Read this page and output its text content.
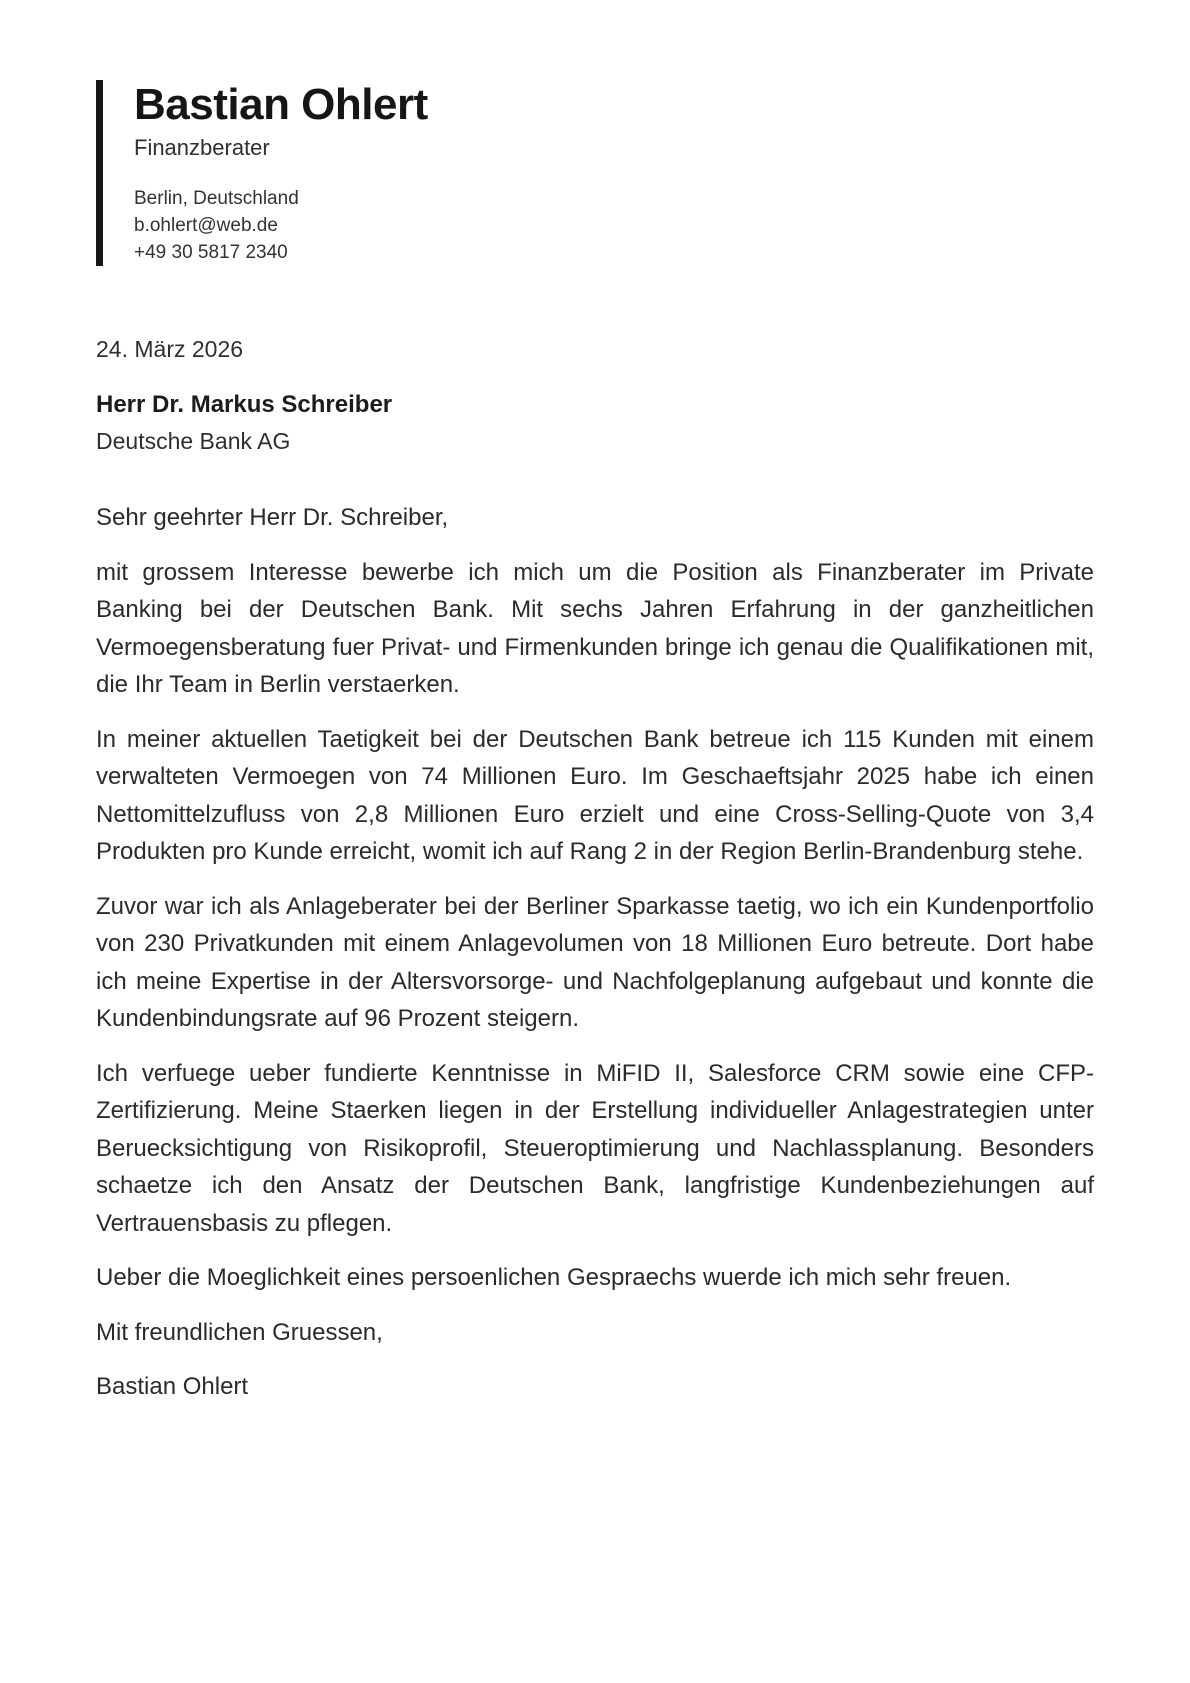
Bastian Ohlert
Finanzberater
Berlin, Deutschland
b.ohlert@web.de
+49 30 5817 2340
24. März 2026
Herr Dr. Markus Schreiber
Deutsche Bank AG

Sehr geehrter Herr Dr. Schreiber,

mit grossem Interesse bewerbe ich mich um die Position als Finanzberater im Private Banking bei der Deutschen Bank. Mit sechs Jahren Erfahrung in der ganzheitlichen Vermoegensberatung fuer Privat- und Firmenkunden bringe ich genau die Qualifikationen mit, die Ihr Team in Berlin verstaerken.

In meiner aktuellen Taetigkeit bei der Deutschen Bank betreue ich 115 Kunden mit einem verwalteten Vermoegen von 74 Millionen Euro. Im Geschaeftsjahr 2025 habe ich einen Nettomittelzufluss von 2,8 Millionen Euro erzielt und eine Cross-Selling-Quote von 3,4 Produkten pro Kunde erreicht, womit ich auf Rang 2 in der Region Berlin-Brandenburg stehe.

Zuvor war ich als Anlageberater bei der Berliner Sparkasse taetig, wo ich ein Kundenportfolio von 230 Privatkunden mit einem Anlagevolumen von 18 Millionen Euro betreute. Dort habe ich meine Expertise in der Altersvorsorge- und Nachfolgeplanung aufgebaut und konnte die Kundenbindungsrate auf 96 Prozent steigern.

Ich verfuege ueber fundierte Kenntnisse in MiFID II, Salesforce CRM sowie eine CFP-Zertifizierung. Meine Staerken liegen in der Erstellung individueller Anlagestrategien unter Beruecksichtigung von Risikoprofil, Steueroptimierung und Nachlassplanung. Besonders schaetze ich den Ansatz der Deutschen Bank, langfristige Kundenbeziehungen auf Vertrauensbasis zu pflegen.

Ueber die Moeglichkeit eines persoenlichen Gespraechs wuerde ich mich sehr freuen.

Mit freundlichen Gruessen,

Bastian Ohlert
